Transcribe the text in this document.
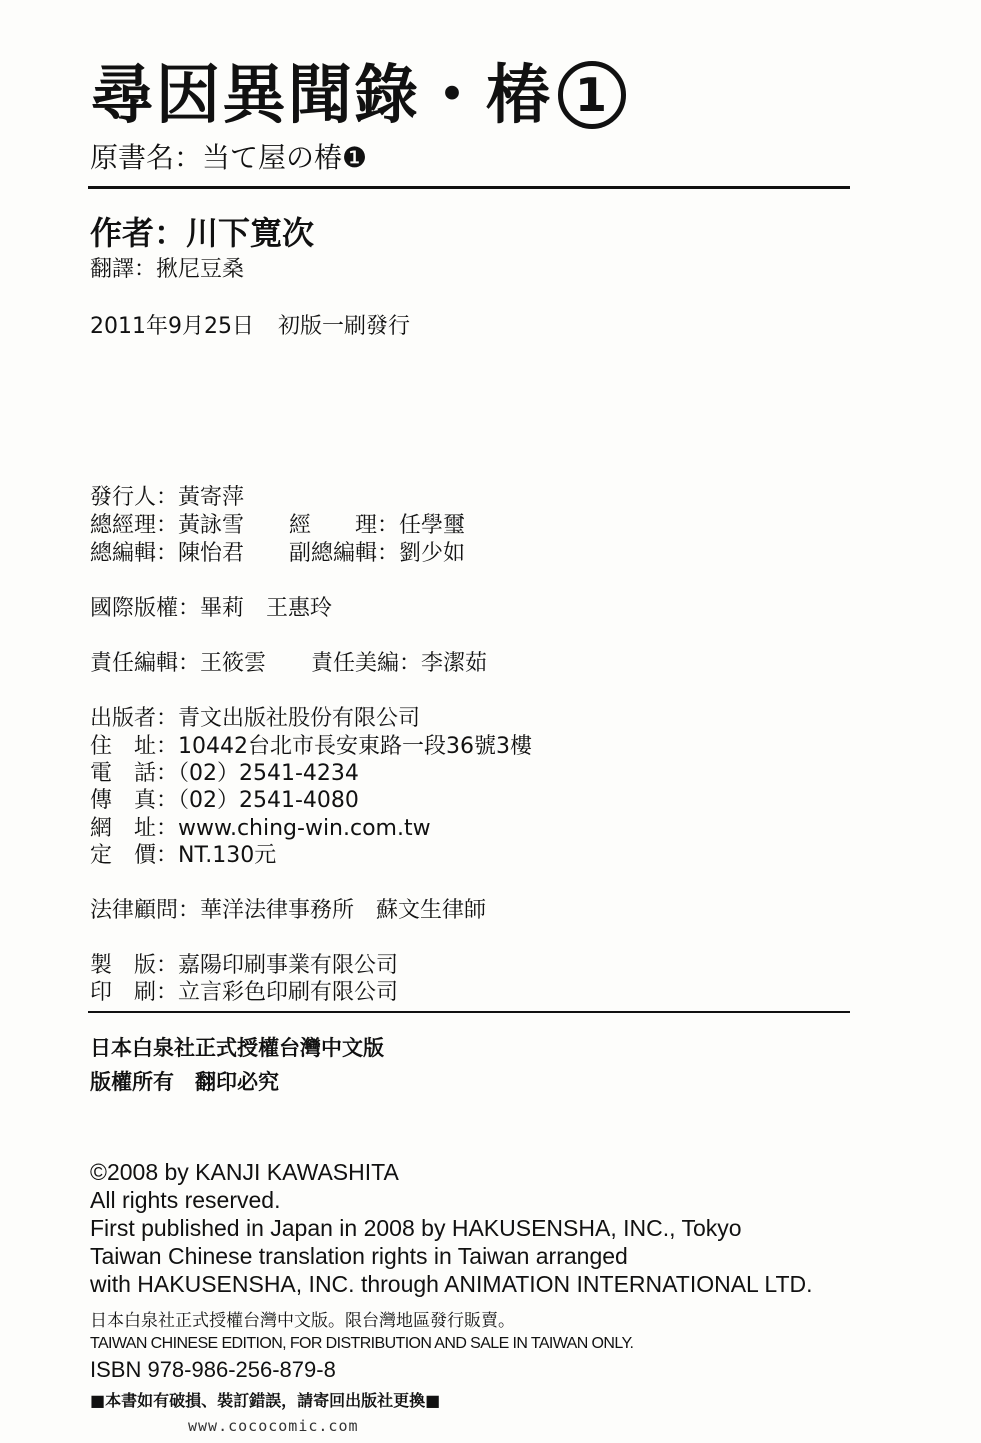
尋因異聞錄・椿 1
原書名：当て屋の椿❶
作者：川下寛次
翻譯：揪尼豆桑
2011年9月25日 初版一刷發行
發行人：黃寄萍
總經理：黃詠雪 經　　理：任學璽
總編輯：陳怡君 副總編輯：劉少如
國際版權：畢莉　王惠玲
責任編輯：王筱雲 責任美編：李潔茹
出版者：青文出版社股份有限公司
住　址：10442台北市長安東路一段36號3樓
電　話：（02）2541-4234
傳　真：（02）2541-4080
網　址：www.ching-win.com.tw
定　價：NT.130元
法律顧問：華洋法律事務所　蘇文生律師
製　版：嘉陽印刷事業有限公司
印　刷：立言彩色印刷有限公司
日本白泉社正式授權台灣中文版
版權所有　翻印必究
©2008 by KANJI KAWASHITA
All rights reserved.
First published in Japan in 2008 by HAKUSENSHA, INC., Tokyo
Taiwan Chinese translation rights in Taiwan arranged
with HAKUSENSHA, INC. through ANIMATION INTERNATIONAL LTD.
日本白泉社正式授權台灣中文版。限台灣地區發行販賣。
TAIWAN CHINESE EDITION, FOR DISTRIBUTION AND SALE IN TAIWAN ONLY.
ISBN 978-986-256-879-8
■本書如有破損、裝訂錯誤，請寄回出版社更換■
www.cococomic.com
